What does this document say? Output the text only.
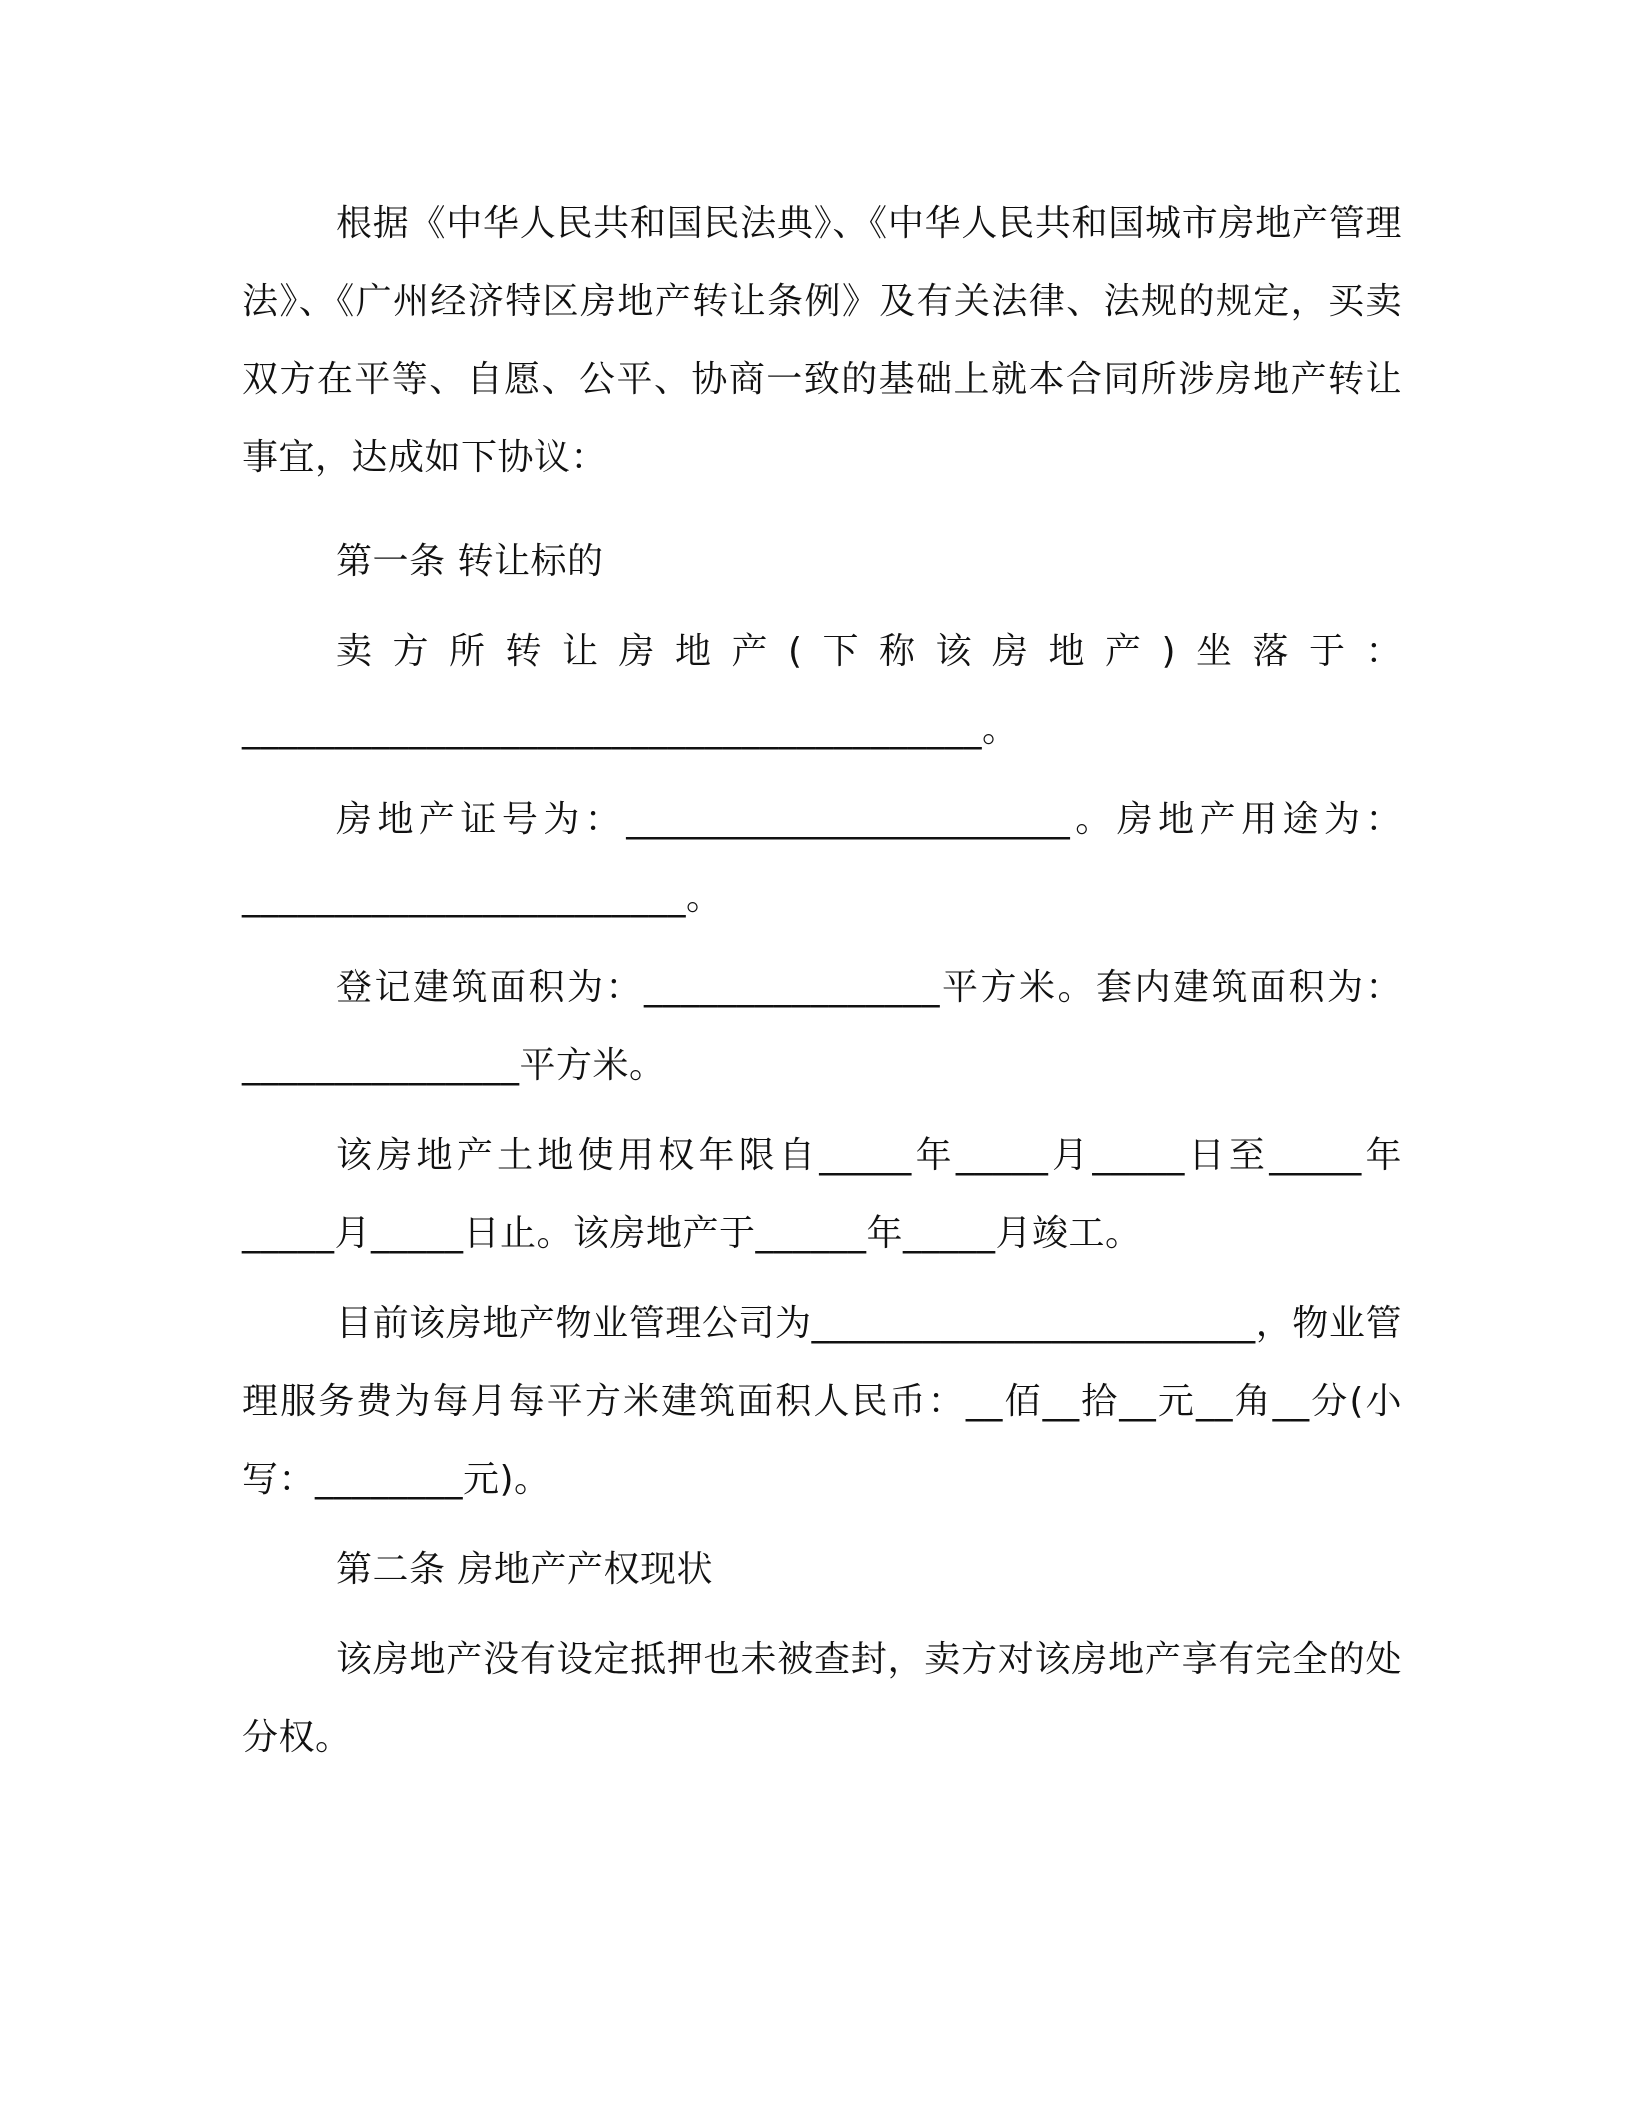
根据《中华人民共和国民法典》、《中华人民共和国城市房地产管理法》、《广州经济特区房地产转让条例》及有关法律、法规的规定，买卖双方在平等、自愿、公平、协商一致的基础上就本合同所涉房地产转让事宜，达成如下协议：

第一条 转让标的

卖方所转让房地产(下称该房地产)坐落于：________________________________________。

房地产证号为：________________________。房地产用途为：________________________。

登记建筑面积为：________________平方米。套内建筑面积为：_______________平方米。

该房地产土地使用权年限自_____年_____月_____日至_____年_____月_____日止。该房地产于______年_____月竣工。

目前该房地产物业管理公司为________________________，物业管理服务费为每月每平方米建筑面积人民币：__佰__拾__元__角__分(小写：________元)。

第二条 房地产产权现状

该房地产没有设定抵押也未被查封，卖方对该房地产享有完全的处分权。
